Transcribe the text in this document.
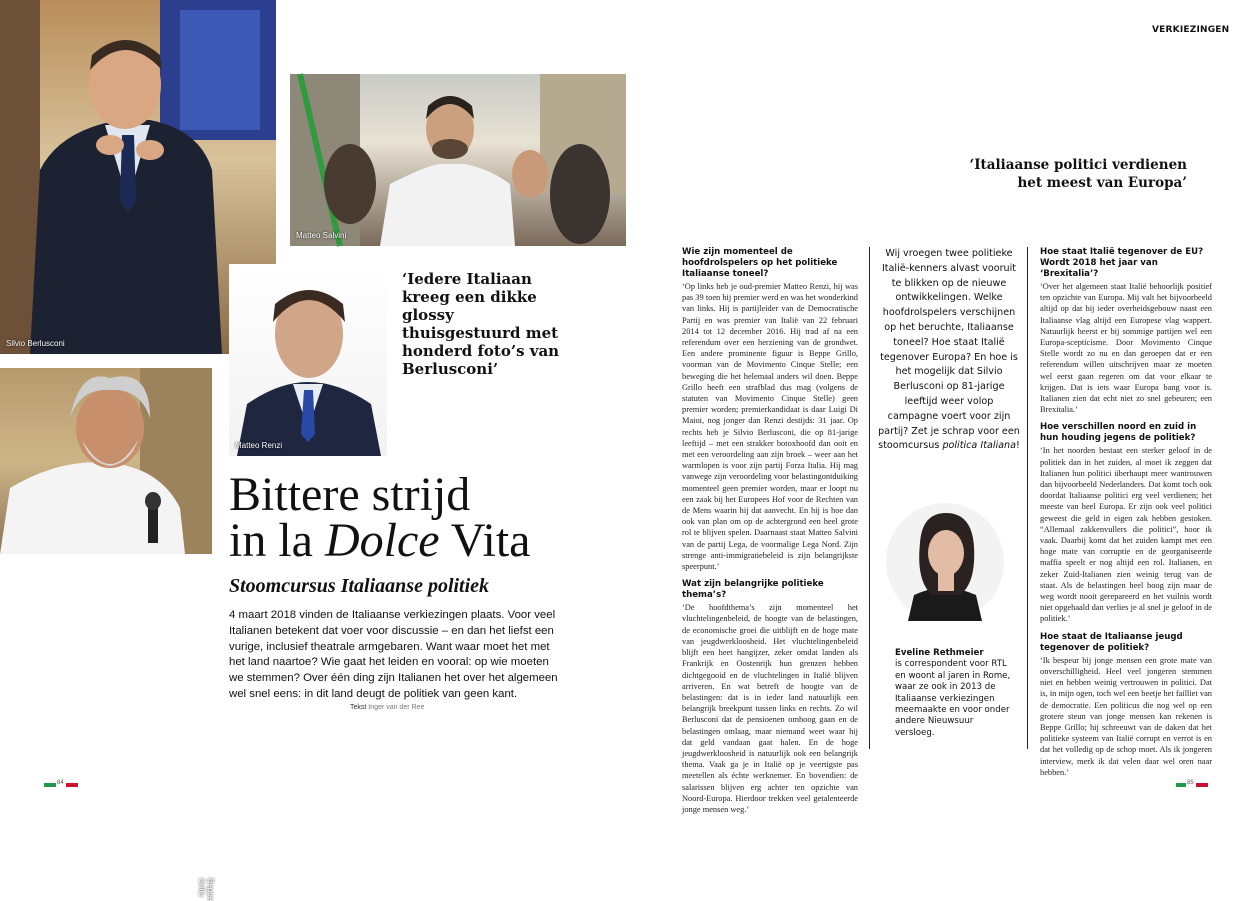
Silvio Berlusconi
Matteo Salvini
Matteo Renzi
Beppe Grillo
‘Iedere Italiaan kreeg een dikke glossy thuisgestuurd met honderd foto’s van Berlusconi’
Bittere strijd
in la Dolce Vita
Stoomcursus Italiaanse politiek
4 maart 2018 vinden de Italiaanse verkiezingen plaats. Voor veel Italianen betekent dat voer voor discussie – en dan het liefst een vurige, inclusief theatrale armgebaren. Want waar moet het met het land naartoe? Wie gaat het leiden en vooral: op wie moeten we stemmen? Over één ding zijn Italianen het over het algemeen wel snel eens: in dit land deugt de politiek van geen kant.
Tekst Inger van der Ree
VERKIEZINGEN
‘Italiaanse politici verdienen het meest van Europa’
Wie zijn momenteel de hoofdrolspelers op het politieke Italiaanse toneel?

‘Op links heb je oud-premier Matteo Renzi, hij was pas 39 toen hij premier werd en was het wonderkind van links. Hij is partijleider van de Democratische Partij en was premier van Italië van 22 februari 2014 tot 12 december 2016. Hij trad af na een referendum over een herziening van de grondwet. Een andere prominente figuur is Beppe Grillo, voorman van de Movimento Cinque Stelle; een beweging die het helemaal anders wil doen. Beppe Grillo heeft een strafblad dus mag (volgens de statuten van Movimento Cinque Stelle) geen premier worden; premierkandidaat is daar Luigi Di Maioi, nog jonger dan Renzi destijds: 31 jaar. Op rechts heb je Silvio Berlusconi, die op 81-jarige leeftijd – met een strakker botoxhoofd dan ooit en met een veroordeling aan zijn broek – weer aan het warmlopen is voor zijn partij Forza Italia. Hij mag vanwege zijn veroordeling voor belastingontduiking momenteel geen premier worden, maar er loopt nu een zaak bij het Europees Hof voor de Rechten van de Mens waarin hij dat aanvecht. En hij is hoe dan ook van plan om op de achtergrond een heel grote rol te blijven spelen. Daarnaast staat Matteo Salvini van de partij Lega, de voormalige Lega Nord. Zijn strenge anti-immigratiebeleid is zijn belangrijkste speerpunt.’

Wat zijn belangrijke politieke thema’s?

‘De hoofdthema’s zijn momenteel het vluchtelingenbeleid, de hoogte van de belastingen, de economische groei die uitblijft en de hoge mate van jeugdwerkloosheid. Het vluchtelingenbeleid blijft een heet hangijzer, zeker omdat landen als Frankrijk en Oostenrijk hun grenzen hebben dichtgegooid en de vluchtelingen in Italië blijven arriveren. En wat betreft de hoogte van de belastingen: dat is in ieder land natuurlijk een belangrijk breekpunt tussen links en rechts. Zo wil Berlusconi dat de pensioenen omhoog gaan en de belastingen omlaag, maar niemand weet waar hij dat geld vandaan gaat halen. En de hoge jeugdwerkloosheid is natuurlijk ook een belangrijk thema. Vaak ga je in Italië op je veertigste pas meetellen als échte werknemer. En bovendien: de salarissen blijven erg achter ten opzichte van Noord-Europa. Hierdoor trekken veel getalenteerde jonge mensen weg.’

Wij vroegen twee politieke Italië-kenners alvast vooruit te blikken op de nieuwe ontwikkelingen. Welke hoofdrolspelers verschijnen op het beruchte, Italiaanse toneel? Hoe staat Italië tegenover Europa? En hoe is het mogelijk dat Silvio Berlusconi op 81-jarige leeftijd weer volop campagne voert voor zijn partij? Zet je schrap voor een stoomcursus politica Italiana!
Eveline Rethmeier
is correspondent voor RTL en woont al jaren in Rome, waar ze ook in 2013 de Italiaanse verkiezingen meemaakte en voor onder andere Nieuwsuur versloeg.
Hoe staat Italië tegenover de EU? Wordt 2018 het jaar van ‘Brexitalia’?

‘Over het algemeen staat Italië behoorlijk positief ten opzichte van Europa. Mij valt het bijvoorbeeld altijd op dat bij ieder overheidsgebouw naast een Italiaanse vlag altijd een Europese vlag wappert. Natuurlijk heerst er bij sommige partijen wel een Europa-scepticisme. Door Movimento Cinque Stelle wordt zo nu en dan geroepen dat er een referendum willen uitschrijven maar ze moeten wel eerst gaan regeren om dat voor elkaar te krijgen. Dat is iets waar Europa bang voor is. Italianen zien dat echt niet zo snel gebeuren; een Brexitalia.’

Hoe verschillen noord en zuid in hun houding jegens de politiek?

‘In het noorden bestaat een sterker geloof in de politiek dan in het zuiden, al moet ik zeggen dat Italianen hun politici überhaupt meer wantrouwen dan bijvoorbeeld Nederlanders. Dat komt toch ook doordat Italiaanse politici erg veel verdienen; het meeste van heel Europa. Er zijn ook veel politici geweest die geld in eigen zak hebben gestoken. “Allemaal zakkenvullers die politici”, hoor ik vaak. Daarbij komt dat het zuiden kampt met een hoge mate van corruptie en de georganiseerde maffia speelt er nog altijd een rol. Italianen, en zeker Zuid-Italianen zien weinig terug van de staat. Als de belastingen heel hoog zijn maar de weg wordt nooit gerepareerd en het vuilnis wordt niet opgehaald dan verlies je al snel je geloof in de politiek.’

Hoe staat de Italiaanse jeugd tegenover de politiek?

‘Ik bespeur bij jonge mensen een grote mate van onverschilligheid. Heel veel jongeren stemmen niet en hebben weinig vertrouwen in politici. Dat is, in mijn ogen, toch wel een beetje het failliet van de democratie. Een politicus die nog wel op een grotere steun van jonge mensen kan rekenen is Beppe Grillo; hij schreeuwt van de daken dat het politieke systeem van Italië corrupt en verrot is en dat het volledig op de schop moet. Als ik jongeren interview, merk ik dat velen daar wel oren naar hebben.’

84	85
